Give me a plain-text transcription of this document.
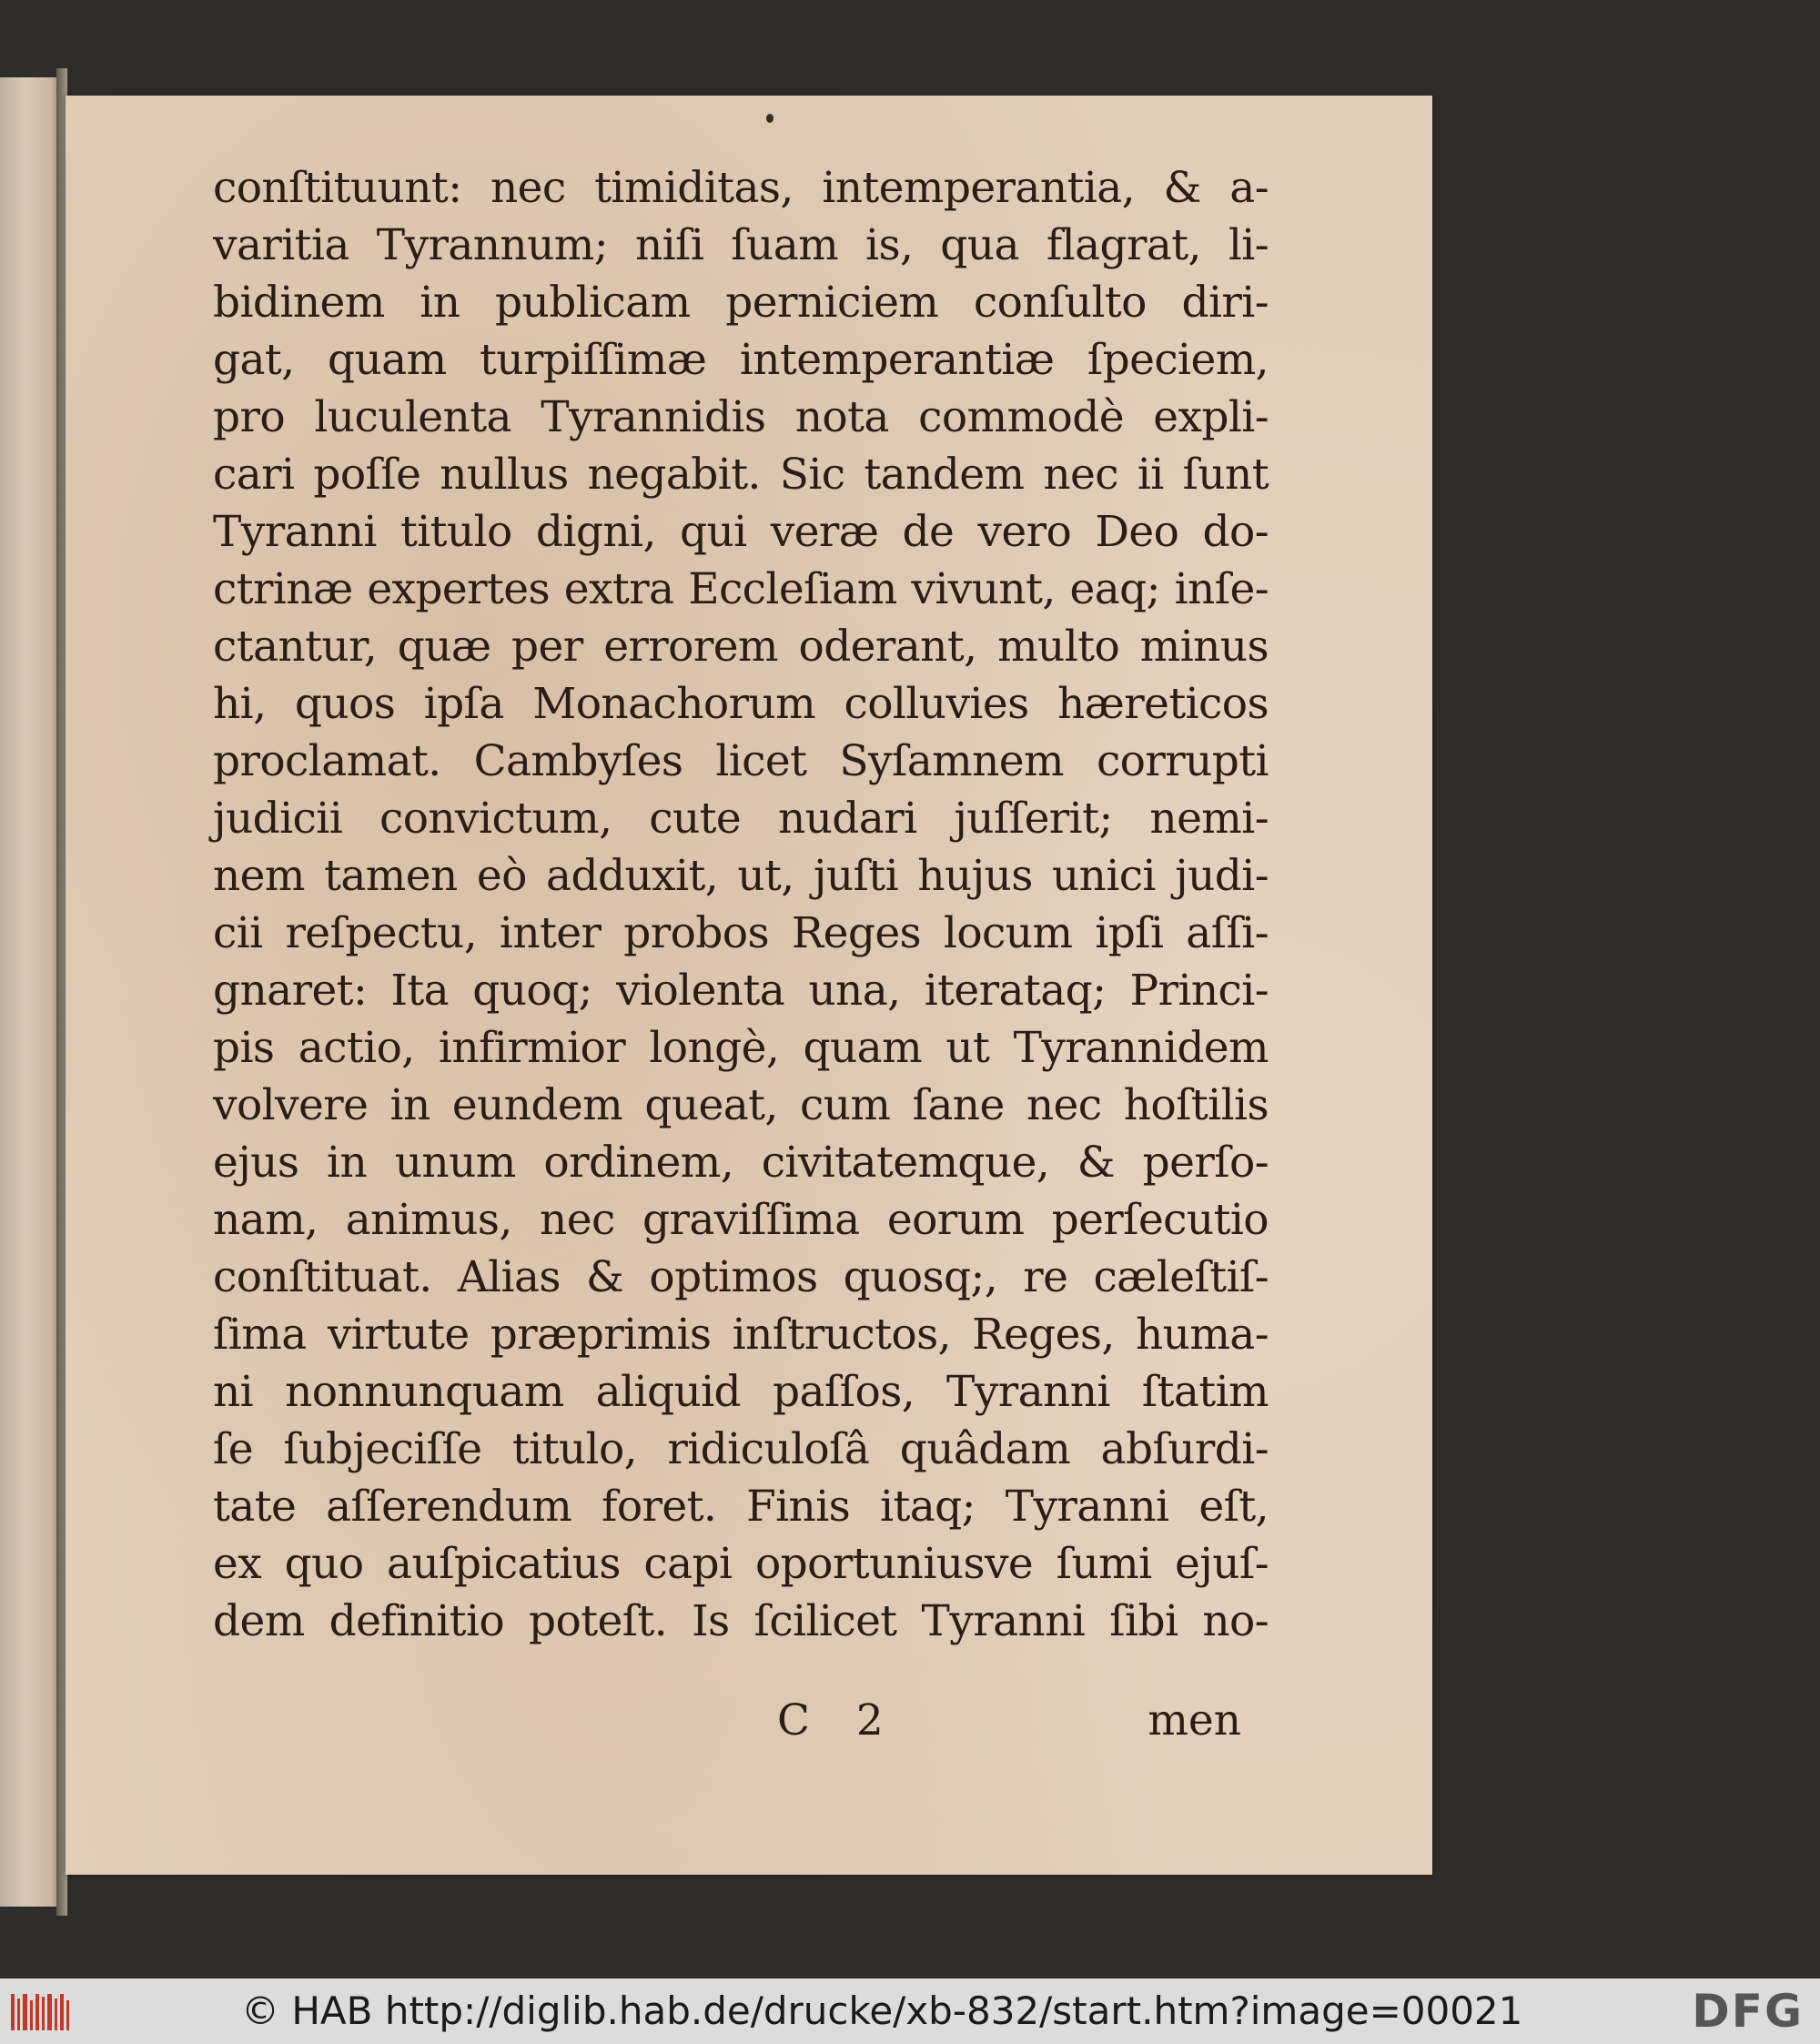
conſtituunt: nec timiditas, intemperantia, & a-
varitia Tyrannum; niſi ſuam is, qua flagrat, li-
bidinem in publicam perniciem conſulto diri-
gat, quam turpiſſimæ intemperantiæ ſpeciem,
pro luculenta Tyrannidis nota commodè expli-
cari poſſe nullus negabit. Sic tandem nec ii ſunt
Tyranni titulo digni, qui veræ de vero Deo do-
ctrinæ expertes extra Eccleſiam vivunt, eaq; inſe-
ctantur, quæ per errorem oderant, multo minus
hi, quos ipſa Monachorum colluvies hæreticos
proclamat. Cambyſes licet Syſamnem corrupti
judicii convictum, cute nudari juſſerit; nemi-
nem tamen eò adduxit, ut, juſti hujus unici judi-
cii reſpectu, inter probos Reges locum ipſi aſſi-
gnaret: Ita quoq; violenta una, iterataq; Princi-
pis actio, infirmior longè, quam ut Tyrannidem
volvere in eundem queat, cum ſane nec hoſtilis
ejus in unum ordinem, civitatemque, & perſo-
nam, animus, nec graviſſima eorum perſecutio
conſtituat. Alias & optimos quosq;, re cæleſtiſ-
ſima virtute præprimis inſtructos, Reges, huma-
ni nonnunquam aliquid paſſos, Tyranni ſtatim
ſe ſubjeciſſe titulo, ridiculoſâ quâdam abſurdi-
tate aſſerendum foret. Finis itaq; Tyranni eſt,
ex quo auſpicatius capi oportuniusve ſumi ejuſ-
dem definitio poteſt. Is ſcilicet Tyranni ſibi no-
C 2	men
© HAB http://diglib.hab.de/drucke/xb-832/start.htm?image=00021	DFG
